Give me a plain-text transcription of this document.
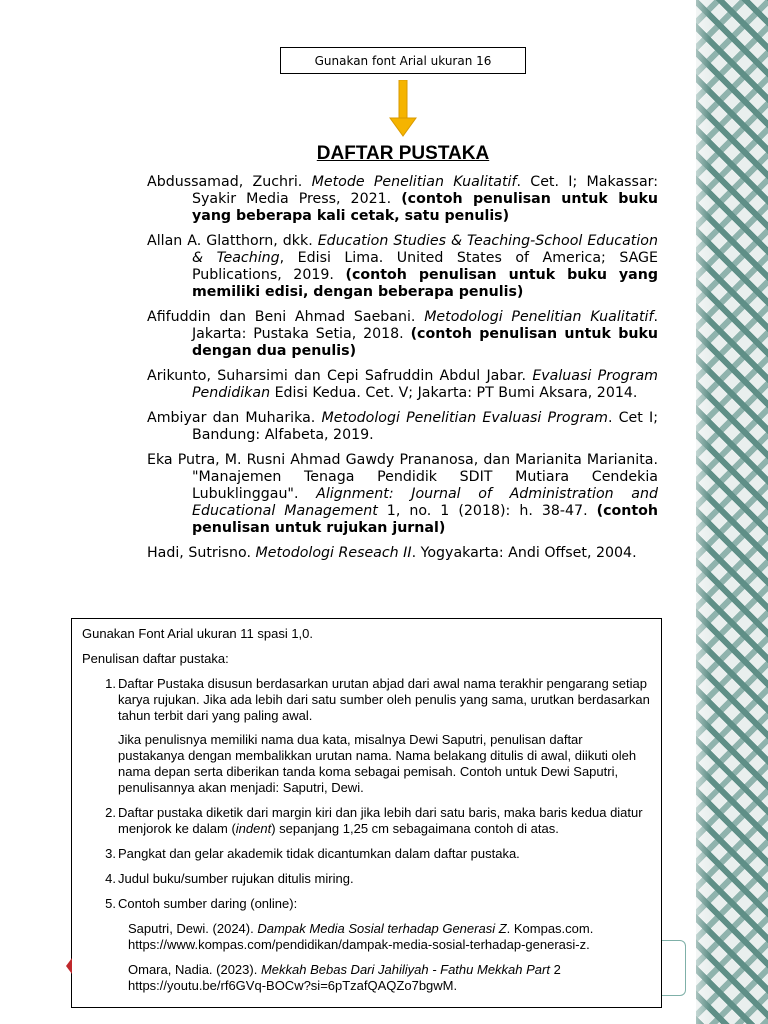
Gunakan font Arial ukuran 16
DAFTAR PUSTAKA
Abdussamad, Zuchri. Metode Penelitian Kualitatif. Cet. I; Makassar: Syakir Media Press, 2021. (contoh penulisan untuk buku yang beberapa kali cetak, satu penulis)
Allan A. Glatthorn, dkk. Education Studies & Teaching-School Education & Teaching, Edisi Lima. United States of America; SAGE Publications, 2019. (contoh penulisan untuk buku yang memiliki edisi, dengan beberapa penulis)
Afifuddin dan Beni Ahmad Saebani. Metodologi Penelitian Kualitatif. Jakarta: Pustaka Setia, 2018. (contoh penulisan untuk buku dengan dua penulis)
Arikunto, Suharsimi dan Cepi Safruddin Abdul Jabar. Evaluasi Program Pendidikan Edisi Kedua. Cet. V; Jakarta: PT Bumi Aksara, 2014.
Ambiyar dan Muharika. Metodologi Penelitian Evaluasi Program. Cet I; Bandung: Alfabeta, 2019.
Eka Putra, M. Rusni Ahmad Gawdy Prananosa, dan Marianita Marianita. "Manajemen Tenaga Pendidik SDIT Mutiara Cendekia Lubuklinggau". Alignment: Journal of Administration and Educational Management 1, no. 1 (2018): h. 38-47. (contoh penulisan untuk rujukan jurnal)
Hadi, Sutrisno. Metodologi Reseach II. Yogyakarta: Andi Offset, 2004.

Gunakan Font Arial ukuran 11 spasi 1,0.

Penulisan daftar pustaka:

1. Daftar Pustaka disusun berdasarkan urutan abjad dari awal nama terakhir pengarang setiap karya rujukan. Jika ada lebih dari satu sumber oleh penulis yang sama, urutkan berdasarkan tahun terbit dari yang paling awal.
Jika penulisnya memiliki nama dua kata, misalnya Dewi Saputri, penulisan daftar pustakanya dengan membalikkan urutan nama. Nama belakang ditulis di awal, diikuti oleh nama depan serta diberikan tanda koma sebagai pemisah. Contoh untuk Dewi Saputri, penulisannya akan menjadi: Saputri, Dewi.
2. Daftar pustaka diketik dari margin kiri dan jika lebih dari satu baris, maka baris kedua diatur menjorok ke dalam (indent) sepanjang 1,25 cm sebagaimana contoh di atas.
3. Pangkat dan gelar akademik tidak dicantumkan dalam daftar pustaka.
4. Judul buku/sumber rujukan ditulis miring.
5. Contoh sumber daring (online):
Saputri, Dewi. (2024). Dampak Media Sosial terhadap Generasi Z. Kompas.com. https://www.kompas.com/pendidikan/dampak-media-sosial-terhadap-generasi-z.
Omara, Nadia. (2023). Mekkah Bebas Dari Jahiliyah - Fathu Mekkah Part 2 https://youtu.be/rf6GVq-BOCw?si=6pTzafQAQZo7bgwM.
